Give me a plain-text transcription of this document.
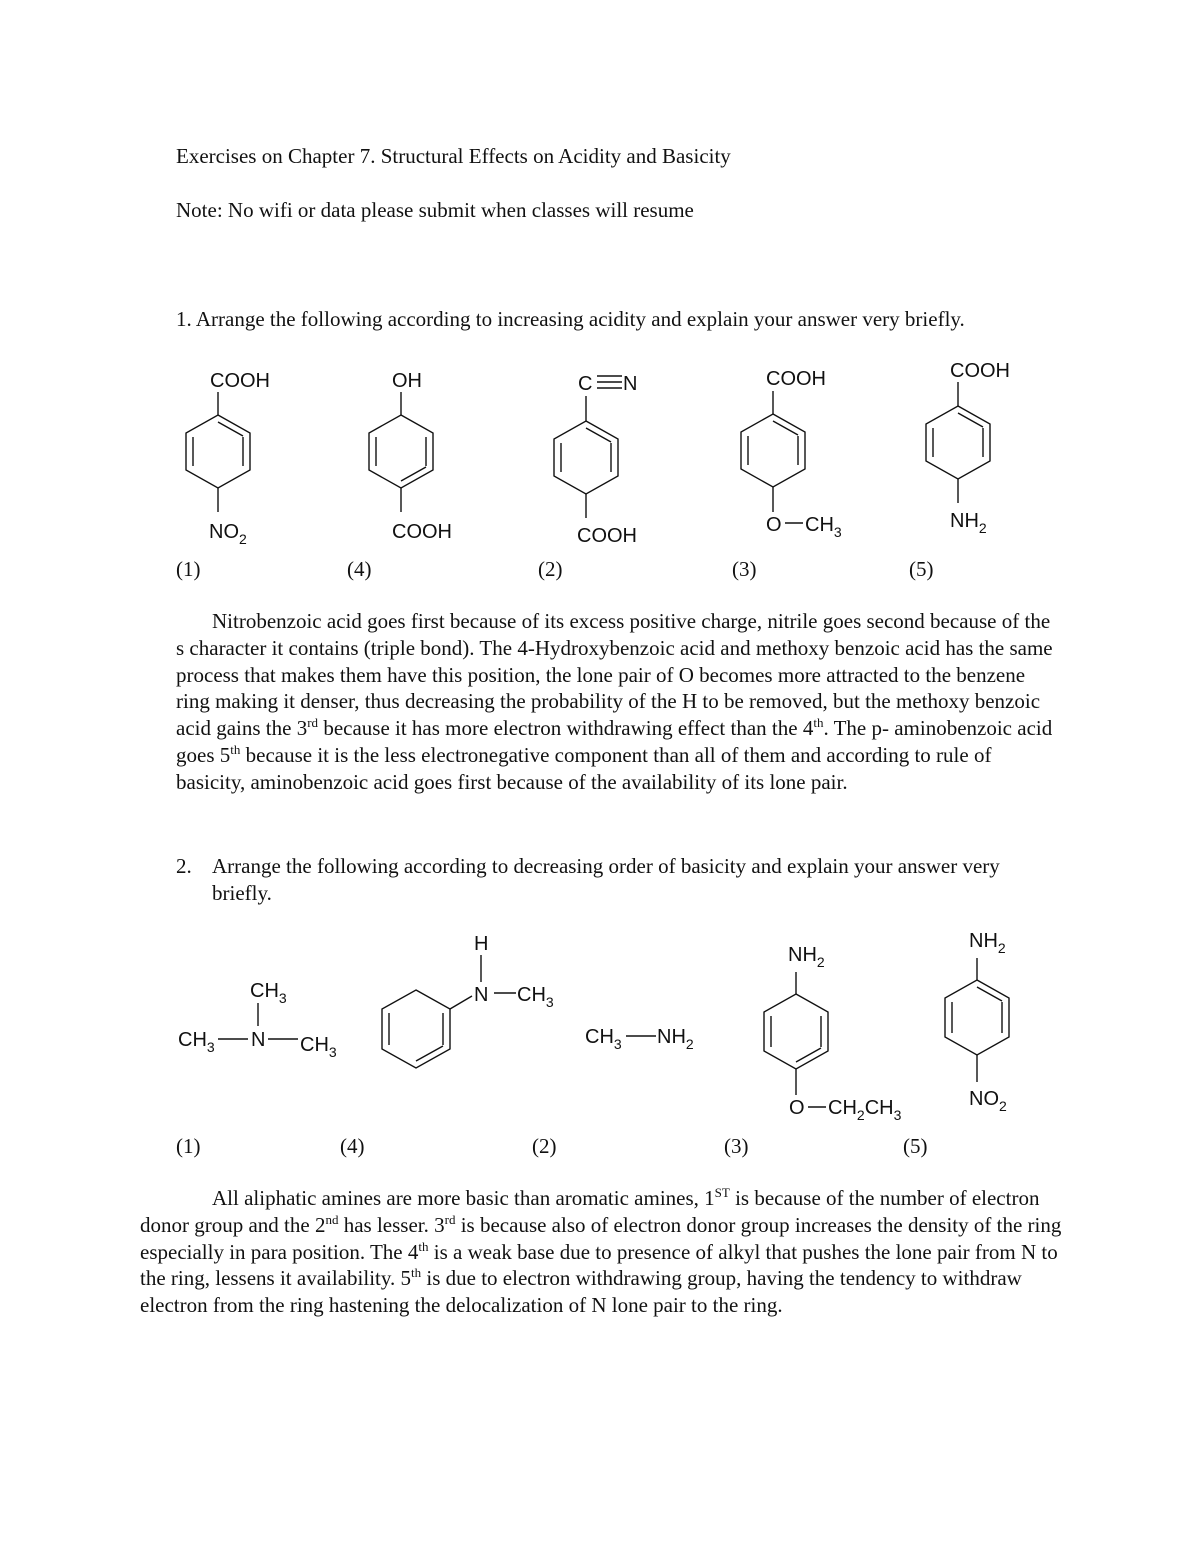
Exercises on Chapter 7. Structural Effects on Acidity and Basicity
Note: No wifi or data please submit when classes will resume
1. Arrange the following according to increasing acidity and explain your answer very briefly.
COOH
$NO_2$
OH
COOH
C N
COOH
COOH
O $CH_3$
COOH
$NH_2$
$CH_3$
$CH_3$ N $CH_3$
H
N $CH_3$
$CH_3$ $NH_2$
$NH_2$
O $CH_2CH_3$
$NH_2$
$NO_2$
(1)	(4)	(2)	(3)	(5)
Nitrobenzoic acid goes first because of its excess positive charge, nitrile goes second because of the s character it contains (triple bond). The 4-Hydroxybenzoic acid and methoxy benzoic acid has the same process that makes them have this position, the lone pair of O becomes more attracted to the benzene ring making it denser, thus decreasing the probability of the H to be removed, but the methoxy benzoic acid gains the 3rd because it has more electron withdrawing effect than the 4th. The p- aminobenzoic acid goes 5th because it is the less electronegative component than all of them and according to rule of basicity, aminobenzoic acid goes first because of the availability of its lone pair.
2. Arrange the following according to decreasing order of basicity and explain your answer very briefly.
(1)	(4)	(2)	(3)	(5)
All aliphatic amines are more basic than aromatic amines, 1ST is because of the number of electron donor group and the 2nd has lesser. 3rd is because also of electron donor group increases the density of the ring especially in para position. The 4th is a weak base due to presence of alkyl that pushes the lone pair from N to the ring, lessens it availability. 5th is due to electron withdrawing group, having the tendency to withdraw electron from the ring hastening the delocalization of N lone pair to the ring.
